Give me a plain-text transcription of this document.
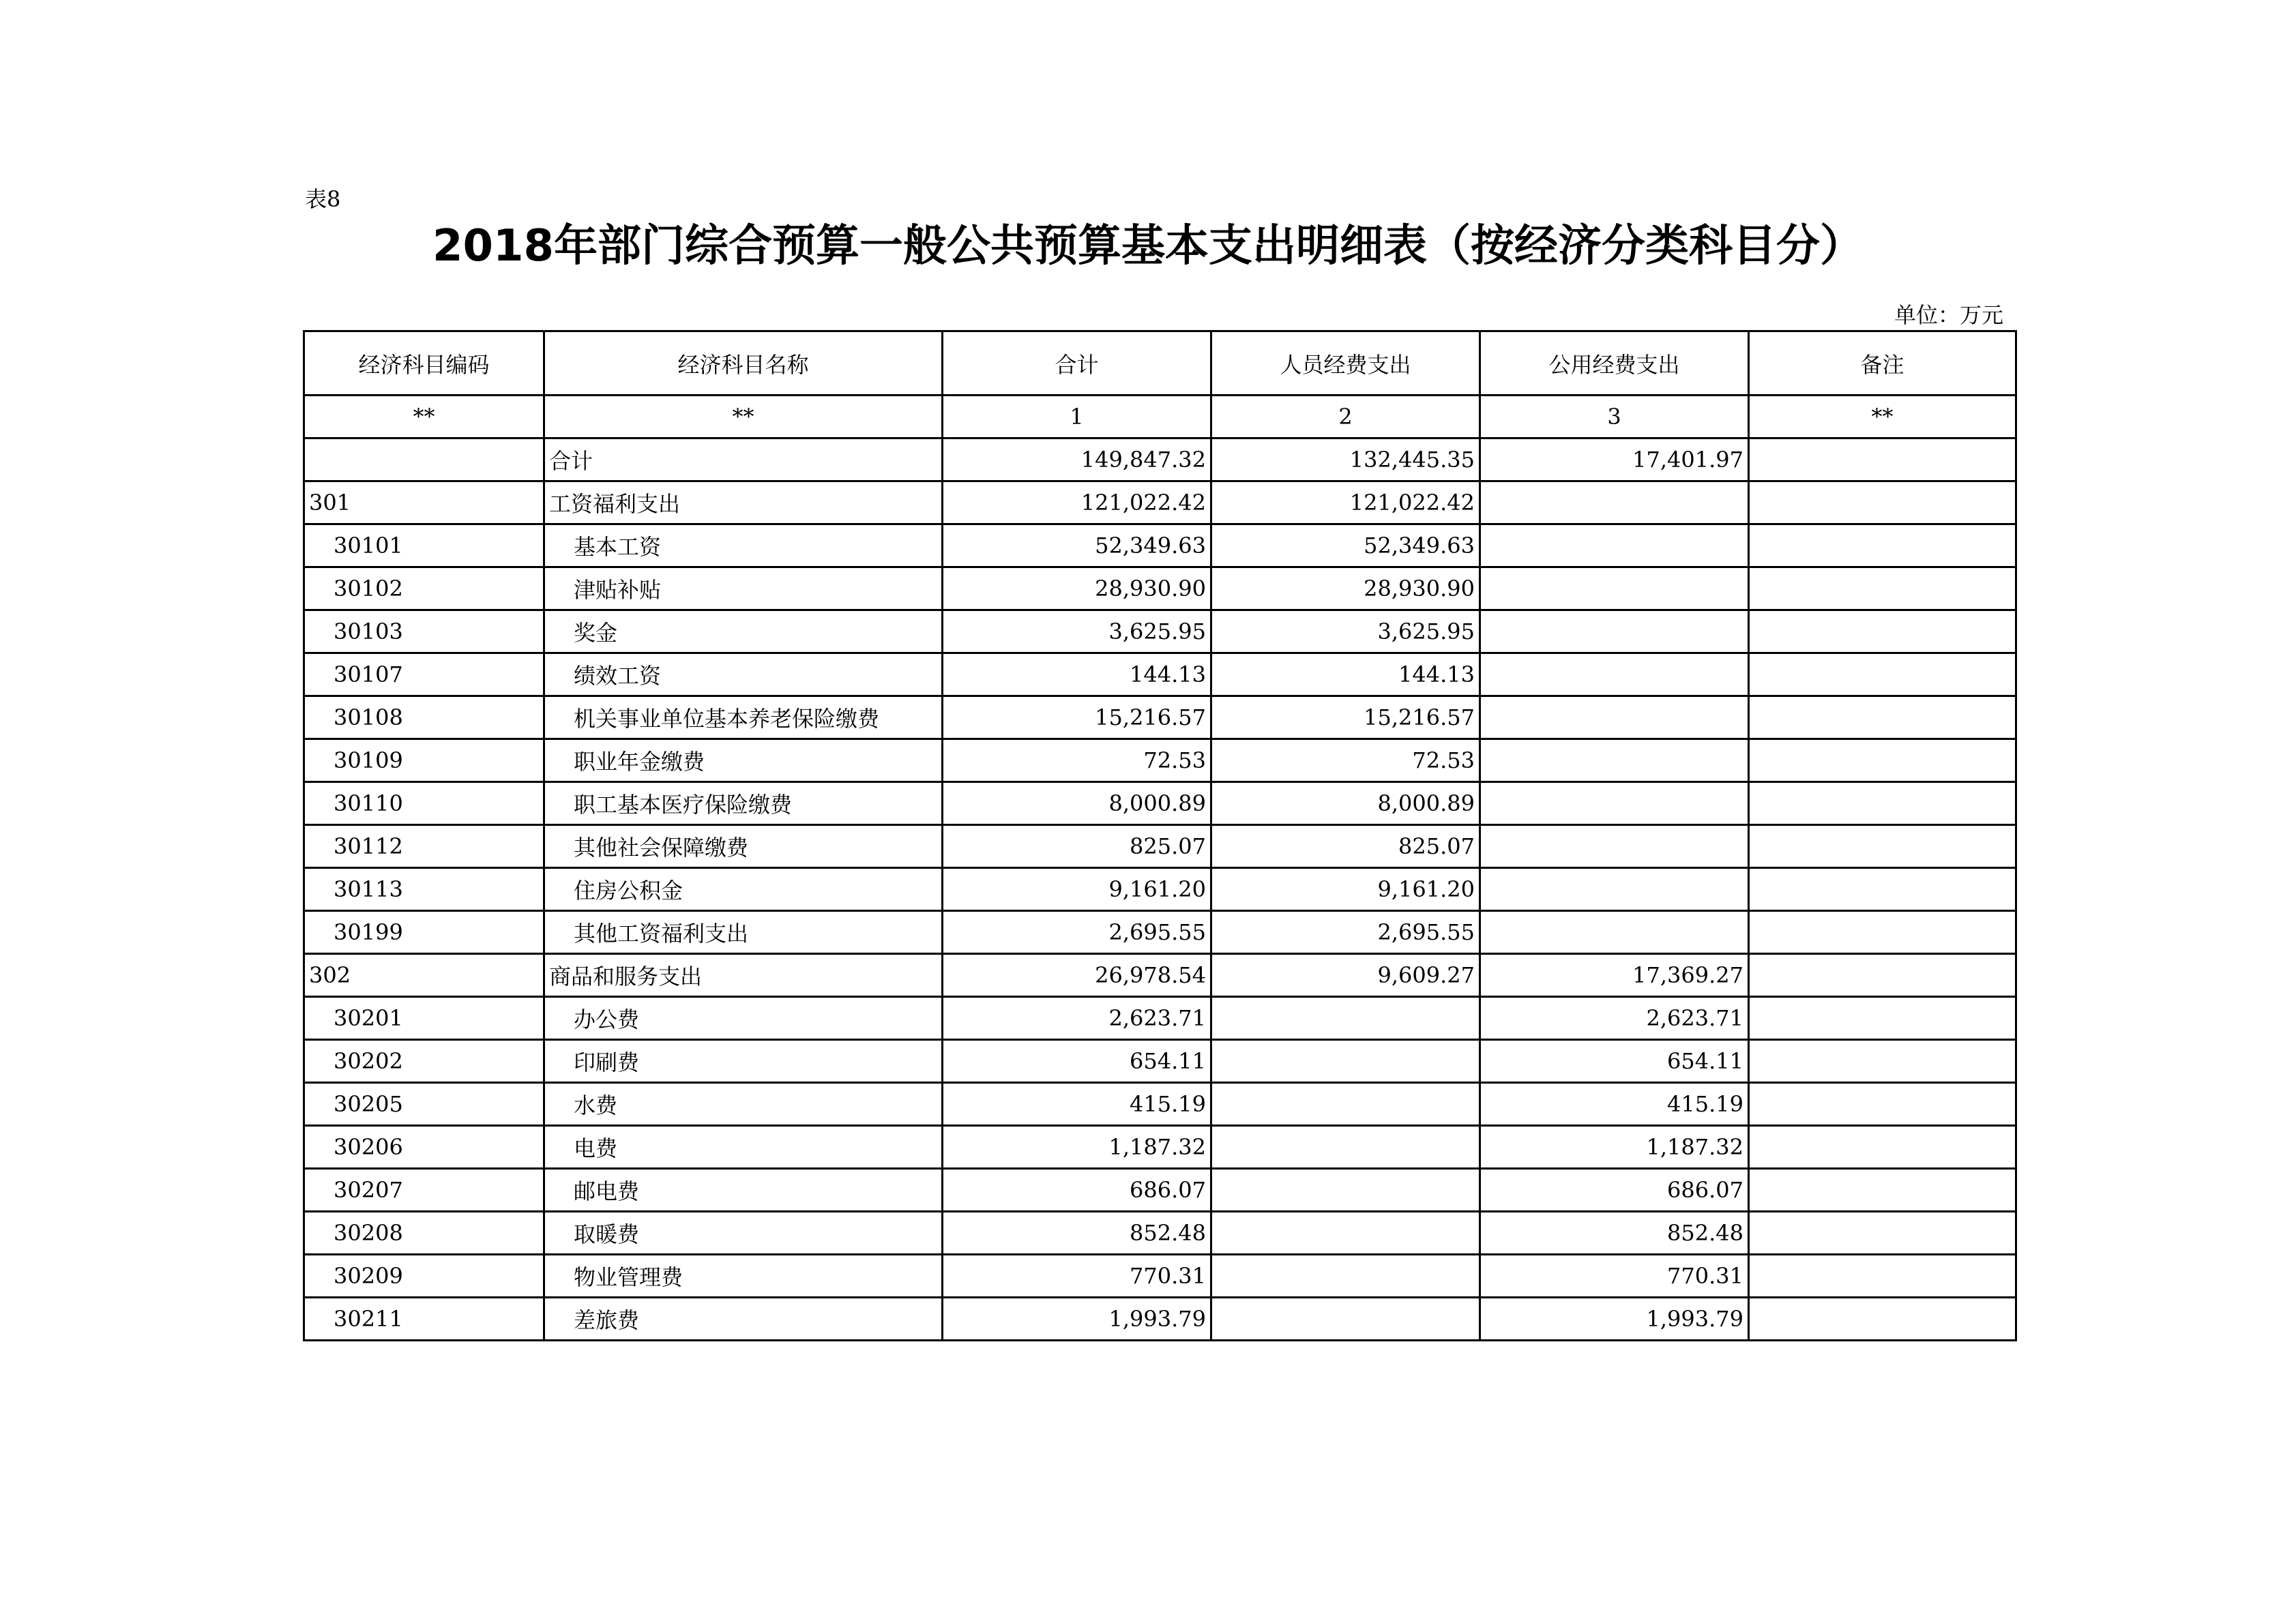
表8
2018年部门综合预算一般公共预算基本支出明细表（按经济分类科目分）
单位：万元
经济科目编码	经济科目名称	合计	人员经费支出	公用经费支出	备注
**	**	1	2	3	**
	合计	149,847.32	132,445.35	17,401.97	
301	工资福利支出	121,022.42	121,022.42		
30101	基本工资	52,349.63	52,349.63		
30102	津贴补贴	28,930.90	28,930.90		
30103	奖金	3,625.95	3,625.95		
30107	绩效工资	144.13	144.13		
30108	机关事业单位基本养老保险缴费	15,216.57	15,216.57		
30109	职业年金缴费	72.53	72.53		
30110	职工基本医疗保险缴费	8,000.89	8,000.89		
30112	其他社会保障缴费	825.07	825.07		
30113	住房公积金	9,161.20	9,161.20		
30199	其他工资福利支出	2,695.55	2,695.55		
302	商品和服务支出	26,978.54	9,609.27	17,369.27	
30201	办公费	2,623.71		2,623.71	
30202	印刷费	654.11		654.11	
30205	水费	415.19		415.19	
30206	电费	1,187.32		1,187.32	
30207	邮电费	686.07		686.07	
30208	取暖费	852.48		852.48	
30209	物业管理费	770.31		770.31	
30211	差旅费	1,993.79		1,993.79	
